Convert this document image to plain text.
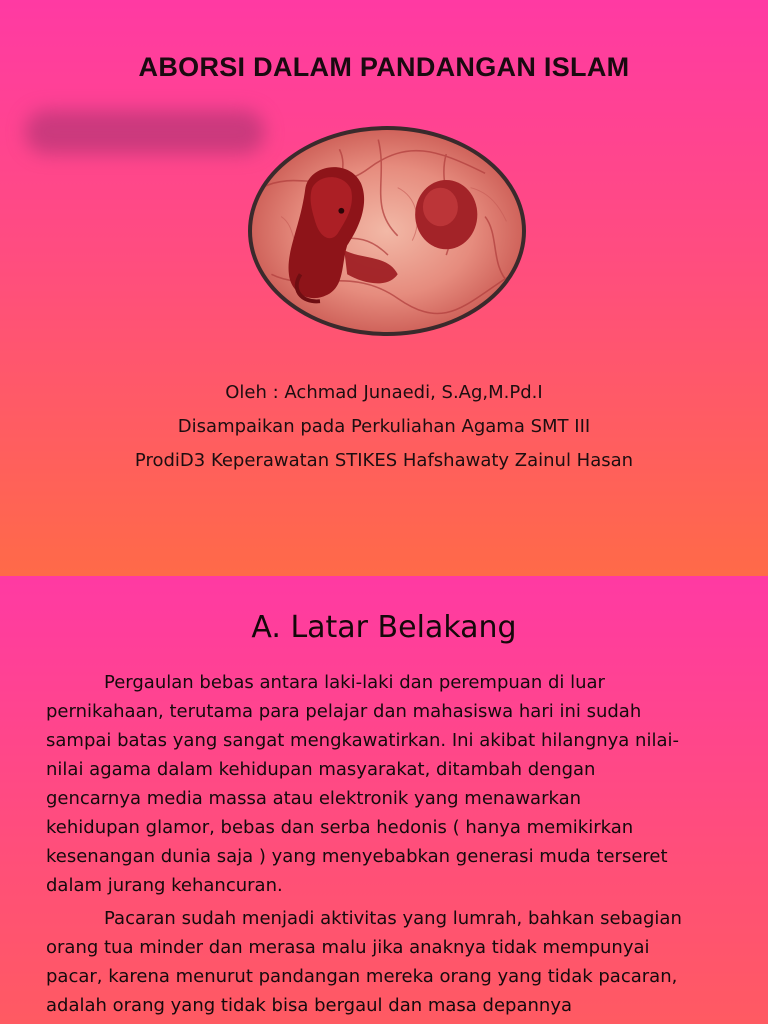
ABORSI DALAM PANDANGAN ISLAM
Oleh : Achmad Junaedi, S.Ag,M.Pd.I
Disampaikan pada Perkuliahan Agama SMT III
ProdiD3 Keperawatan STIKES Hafshawaty Zainul Hasan
A. Latar Belakang

Pergaulan bebas antara laki-laki dan perempuan di luar
pernikahaan, terutama para pelajar dan mahasiswa hari ini sudah
sampai batas yang sangat mengkawatirkan. Ini akibat hilangnya nilai-
nilai agama dalam kehidupan masyarakat, ditambah dengan
gencarnya media massa atau elektronik yang menawarkan
kehidupan glamor, bebas dan serba hedonis ( hanya memikirkan
kesenangan dunia saja ) yang menyebabkan generasi muda terseret
dalam jurang kehancuran.

Pacaran sudah menjadi aktivitas yang lumrah, bahkan sebagian
orang tua minder dan merasa malu jika anaknya tidak mempunyai
pacar, karena menurut pandangan mereka orang yang tidak pacaran,
adalah orang yang tidak bisa bergaul dan masa depannya
